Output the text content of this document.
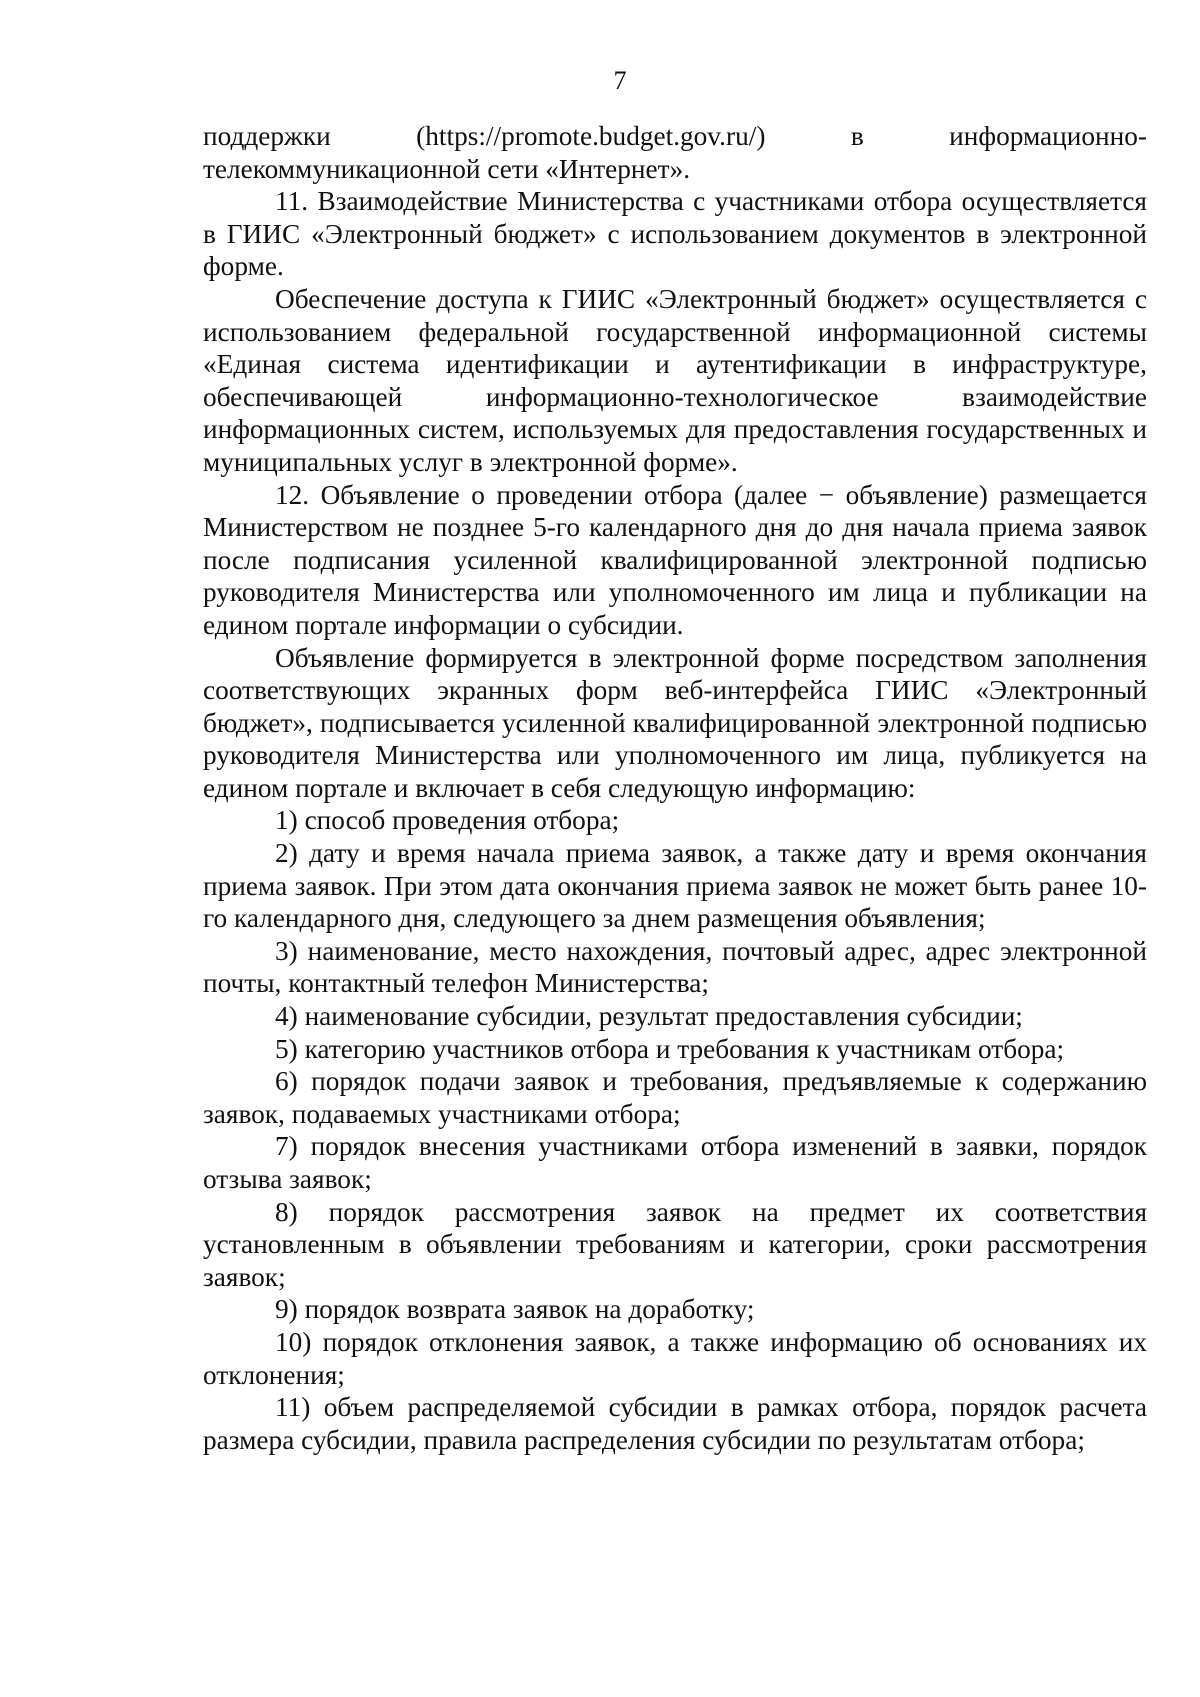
7

поддержки (https://promote.budget.gov.ru/) в информационно-телекоммуникационной сети «Интернет».

11. Взаимодействие Министерства с участниками отбора осуществляется в ГИИС «Электронный бюджет» с использованием документов в электронной форме.

Обеспечение доступа к ГИИС «Электронный бюджет» осуществляется с использованием федеральной государственной информационной системы «Единая система идентификации и аутентификации в инфраструктуре, обеспечивающей информационно-технологическое взаимодействие информационных систем, используемых для предоставления государственных и муниципальных услуг в электронной форме».

12. Объявление о проведении отбора (далее − объявление) размещается Министерством не позднее 5-го календарного дня до дня начала приема заявок после подписания усиленной квалифицированной электронной подписью руководителя Министерства или уполномоченного им лица и публикации на едином портале информации о субсидии.

Объявление формируется в электронной форме посредством заполнения соответствующих экранных форм веб-интерфейса ГИИС «Электронный бюджет», подписывается усиленной квалифицированной электронной подписью руководителя Министерства или уполномоченного им лица, публикуется на едином портале и включает в себя следующую информацию:

1) способ проведения отбора;

2) дату и время начала приема заявок, а также дату и время окончания приема заявок. При этом дата окончания приема заявок не может быть ранее 10-го календарного дня, следующего за днем размещения объявления;

3) наименование, место нахождения, почтовый адрес, адрес электронной почты, контактный телефон Министерства;

4) наименование субсидии, результат предоставления субсидии;

5) категорию участников отбора и требования к участникам отбора;

6) порядок подачи заявок и требования, предъявляемые к содержанию заявок, подаваемых участниками отбора;

7) порядок внесения участниками отбора изменений в заявки, порядок отзыва заявок;

8) порядок рассмотрения заявок на предмет их соответствия установленным в объявлении требованиям и категории, сроки рассмотрения заявок;

9) порядок возврата заявок на доработку;

10) порядок отклонения заявок, а также информацию об основаниях их отклонения;

11) объем распределяемой субсидии в рамках отбора, порядок расчета размера субсидии, правила распределения субсидии по результатам отбора;
